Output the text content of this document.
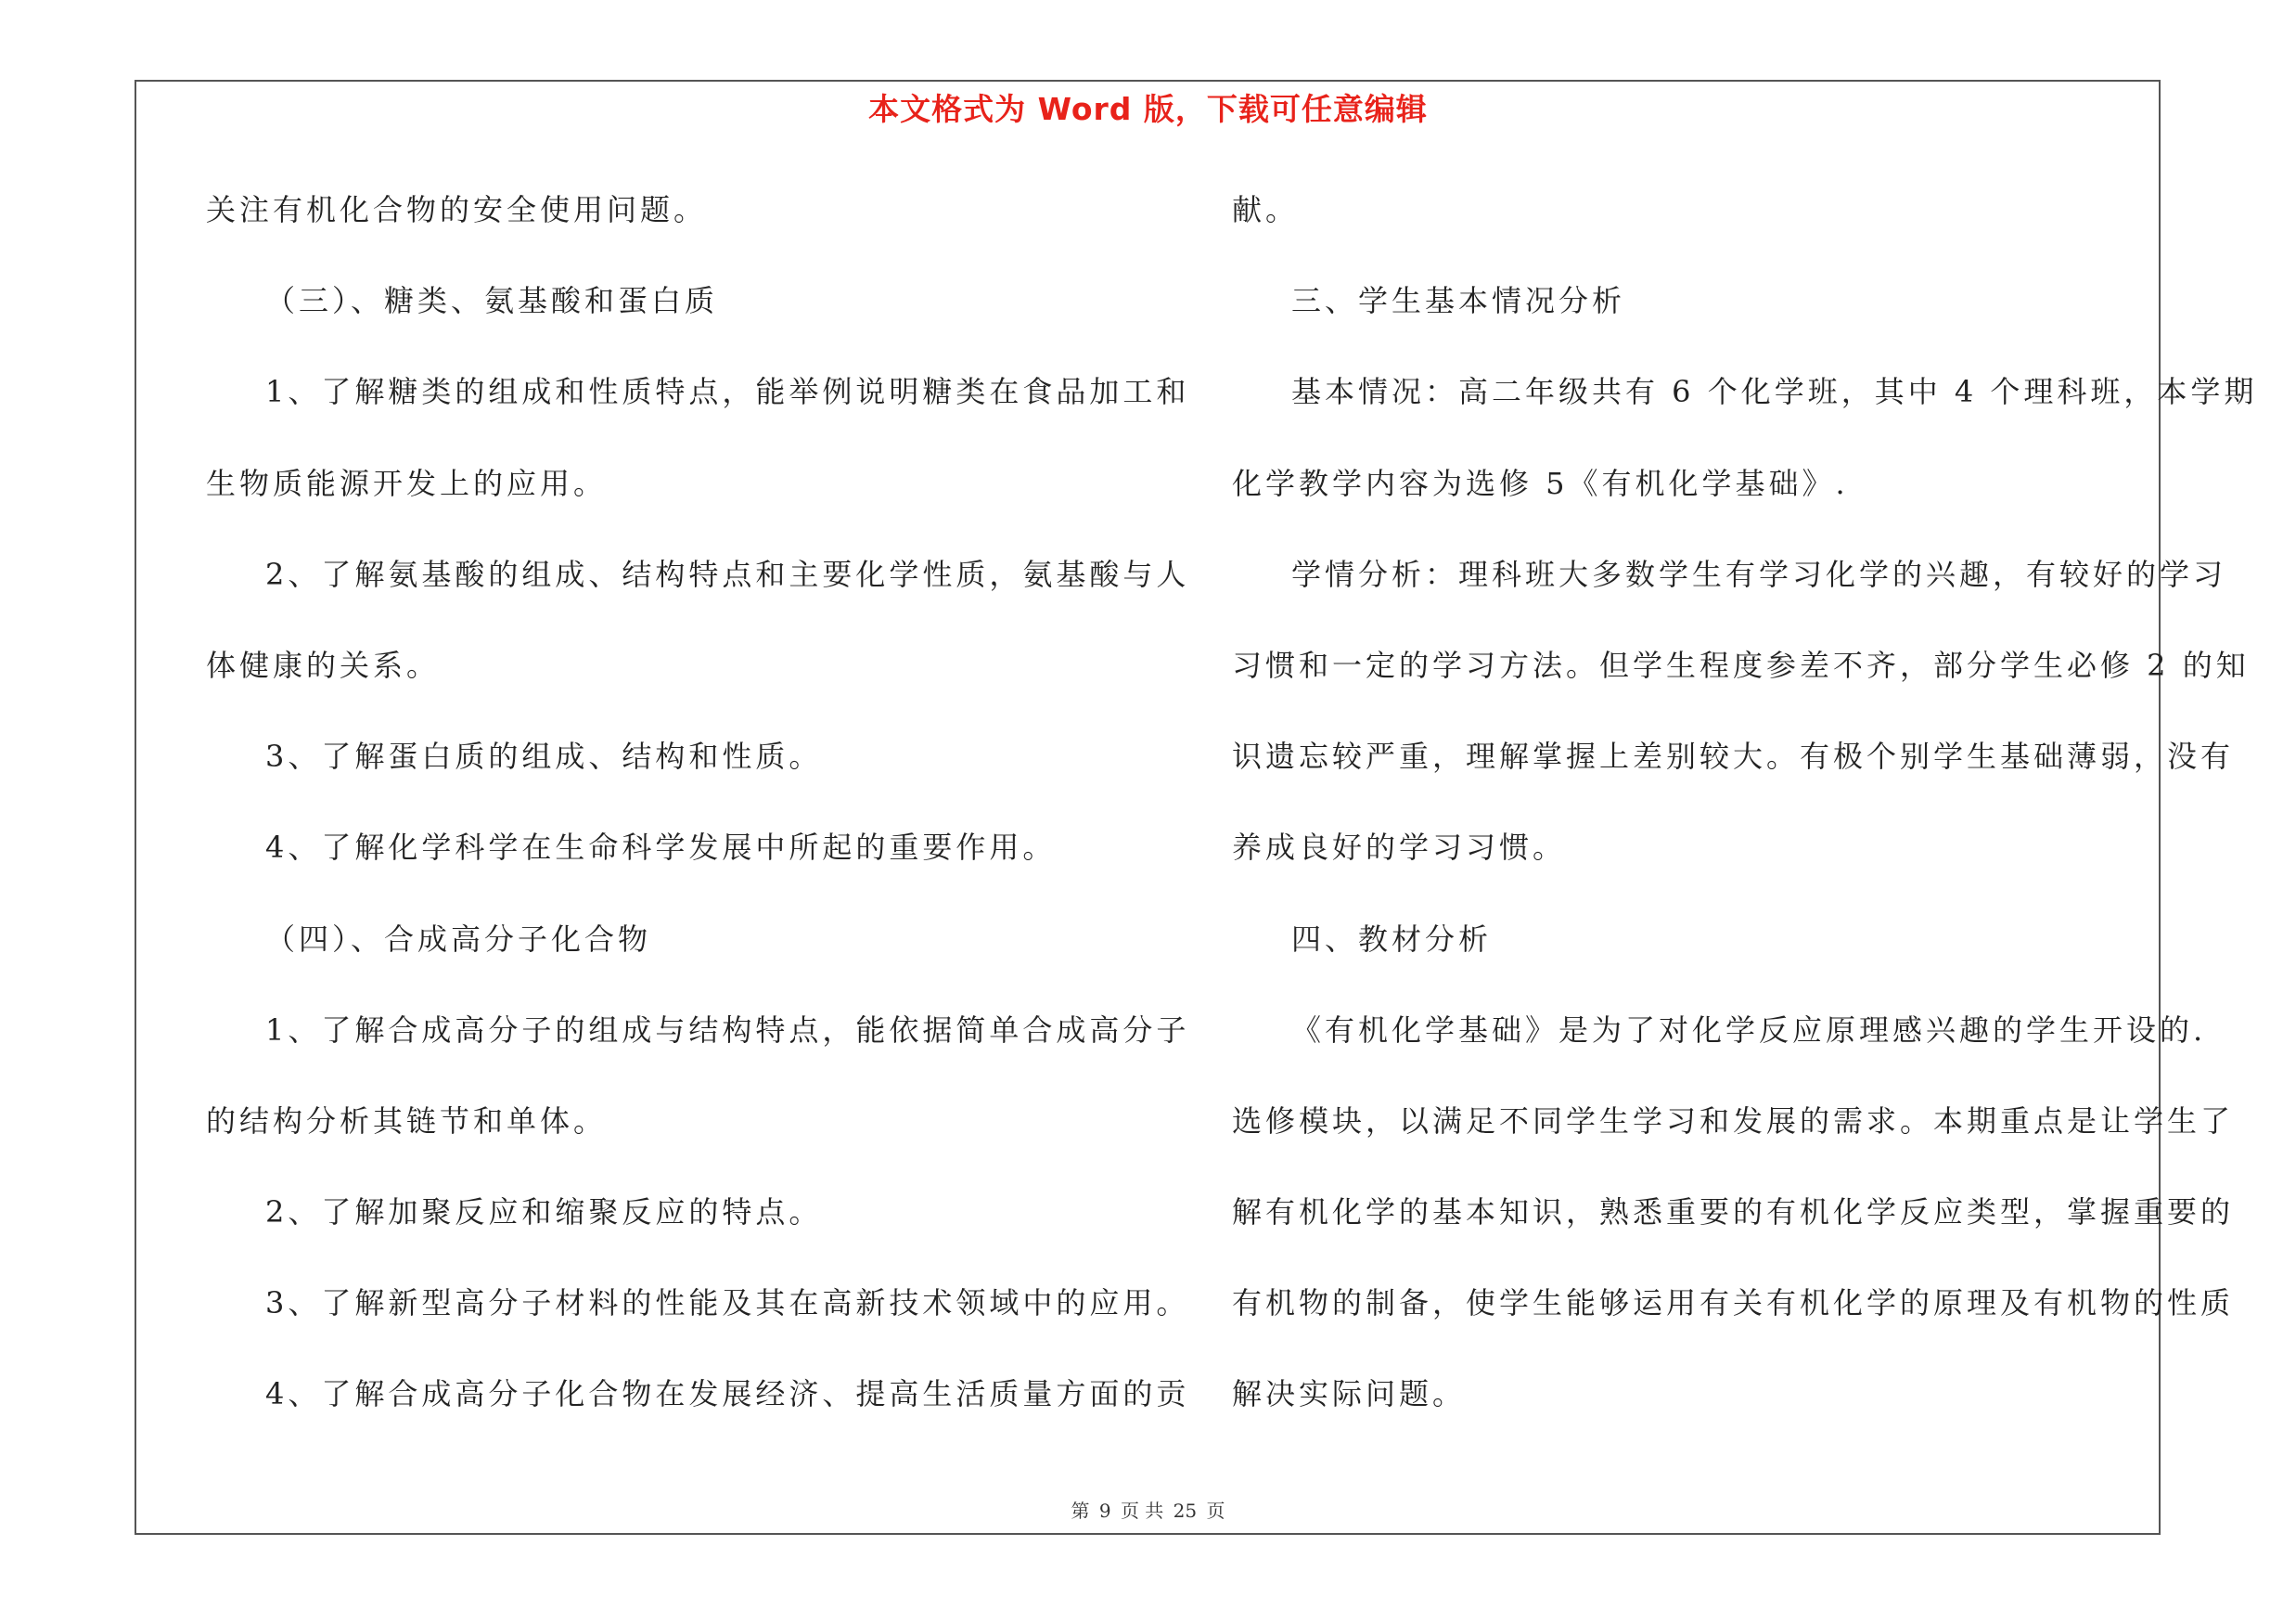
本文格式为 Word 版，下载可任意编辑
关注有机化合物的安全使用问题。
（三）、糖类、氨基酸和蛋白质
1、了解糖类的组成和性质特点，能举例说明糖类在食品加工和
生物质能源开发上的应用。
2、了解氨基酸的组成、结构特点和主要化学性质，氨基酸与人
体健康的关系。
3、了解蛋白质的组成、结构和性质。
4、了解化学科学在生命科学发展中所起的重要作用。
（四）、合成高分子化合物
1、了解合成高分子的组成与结构特点，能依据简单合成高分子
的结构分析其链节和单体。
2、了解加聚反应和缩聚反应的特点。
3、了解新型高分子材料的性能及其在高新技术领域中的应用。
4、了解合成高分子化合物在发展经济、提高生活质量方面的贡
献。
三、学生基本情况分析
基本情况：高二年级共有 6 个化学班，其中 4 个理科班，本学期
化学教学内容为选修 5《有机化学基础》.
学情分析：理科班大多数学生有学习化学的兴趣，有较好的学习
习惯和一定的学习方法。但学生程度参差不齐，部分学生必修 2 的知
识遗忘较严重，理解掌握上差别较大。有极个别学生基础薄弱，没有
养成良好的学习习惯。
四、教材分析
《有机化学基础》是为了对化学反应原理感兴趣的学生开设的.
选修模块，以满足不同学生学习和发展的需求。本期重点是让学生了
解有机化学的基本知识，熟悉重要的有机化学反应类型，掌握重要的
有机物的制备，使学生能够运用有关有机化学的原理及有机物的性质
解决实际问题。
第 9 页 共 25 页
